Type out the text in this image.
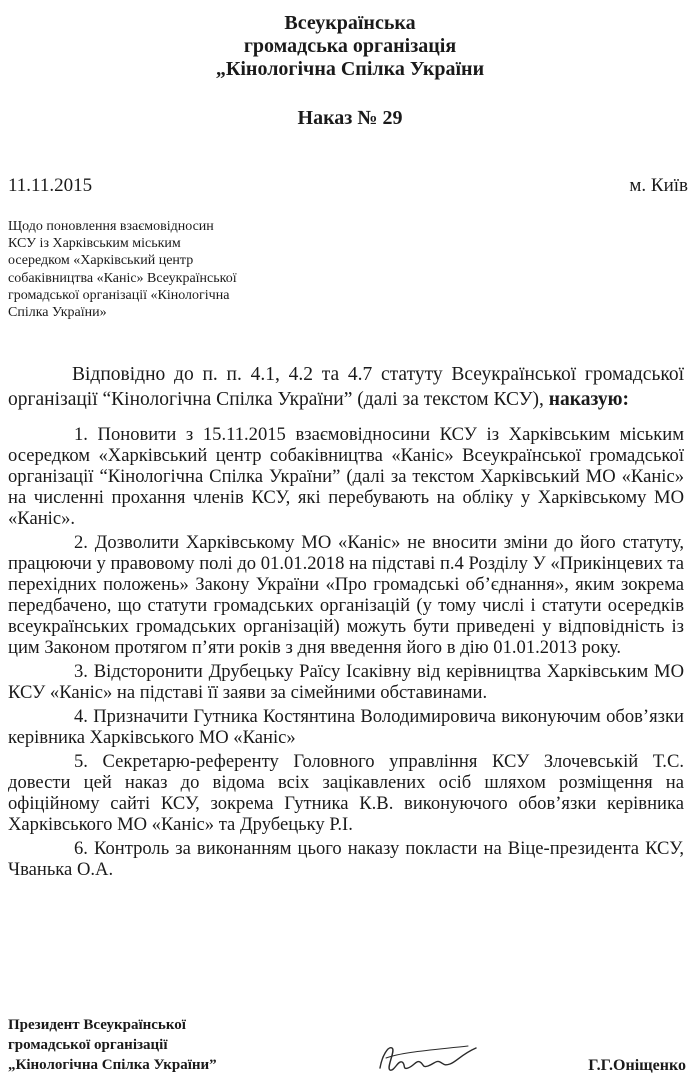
Всеукраїнська
громадська організація
„Кінологічна Спілка України
Наказ № 29
11.11.2015	м. Київ
Щодо поновлення взаємовідносин
КСУ із Харківським міським
осередком «Харківський центр
собаківництва «Каніс» Всеукраїнської
громадської організації «Кінологічна
Спілка України»

Відповідно до п. п. 4.1, 4.2 та 4.7 статуту Всеукраїнської громадської організації “Кінологічна Спілка України” (далі за текстом КСУ), наказую:

1. Поновити з 15.11.2015 взаємовідносини КСУ із Харківським міським осередком «Харківський центр собаківництва «Каніс» Всеукраїнської громадської організації “Кінологічна Спілка України” (далі за текстом Харківський МО «Каніс» на численні прохання членів КСУ, які перебувають на обліку у Харківському МО «Каніс».

2. Дозволити Харківському МО «Каніс» не вносити зміни до його статуту, працюючи у правовому полі до 01.01.2018 на підставі п.4 Розділу У «Прикінцевих та перехідних положень» Закону України «Про громадські об’єднання», яким зокрема передбачено, що статути громадських організацій (у тому числі і статути осередків всеукраїнських громадських організацій) можуть бути приведені у відповідність із цим Законом протягом п’яти років з дня введення його в дію 01.01.2013 року.

3. Відсторонити Друбецьку Раїсу Ісаківну від керівництва Харківським МО КСУ «Каніс» на підставі її заяви за сімейними обставинами.

4. Призначити Гутника Костянтина Володимировича виконуючим обов’язки керівника Харківського МО «Каніс»

5. Секретарю-референту Головного управління КСУ Злочевській Т.С. довести цей наказ до відома всіх зацікавлених осіб шляхом розміщення на офіційному сайті КСУ, зокрема Гутника К.В. виконуючого обов’язки керівника Харківського МО «Каніс» та Друбецьку Р.І.

6. Контроль за виконанням цього наказу покласти на Віце-президента КСУ, Чванька О.А.

Президент Всеукраїнської
громадської організації
„Кінологічна Спілка України”	Г.Г.Оніщенко
